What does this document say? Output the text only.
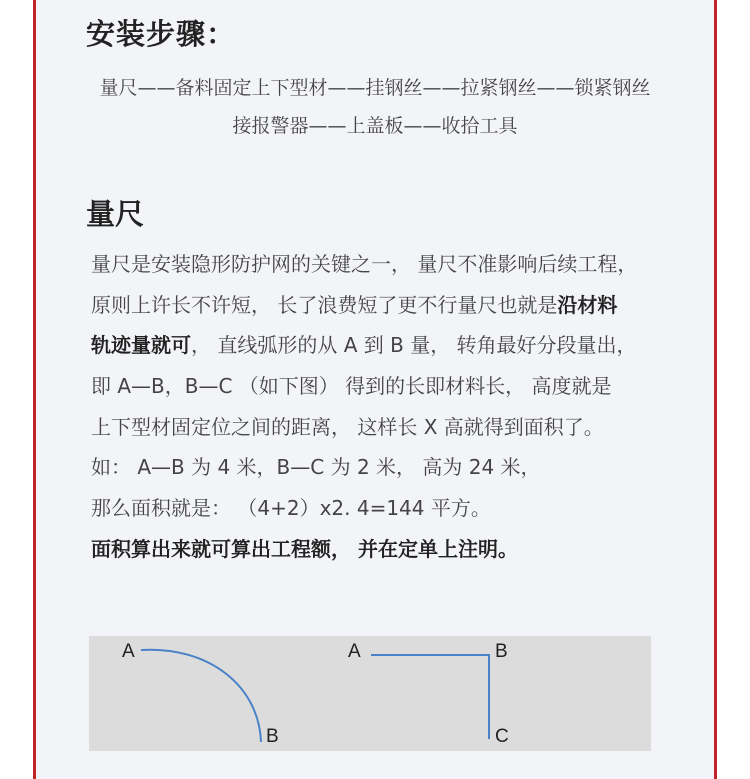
安装步骤：
量尺——备料固定上下型材——挂钢丝——拉紧钢丝——锁紧钢丝
接报警器——上盖板——收拾工具
量尺
量尺是安装隐形防护网的关键之一， 量尺不准影响后续工程，
原则上许长不许短， 长了浪费短了更不行量尺也就是沿材料
轨迹量就可， 直线弧形的从 A 到 B 量， 转角最好分段量出，
即 A—B，B—C （如下图） 得到的长即材料长， 高度就是
上下型材固定位之间的距离， 这样长 X 高就得到面积了。
如： A—B 为 4 米，B—C 为 2 米， 高为 24 米，
那么面积就是： （4+2）x2. 4=144 平方。
面积算出来就可算出工程额， 并在定单上注明。
A
B
A	B
C
